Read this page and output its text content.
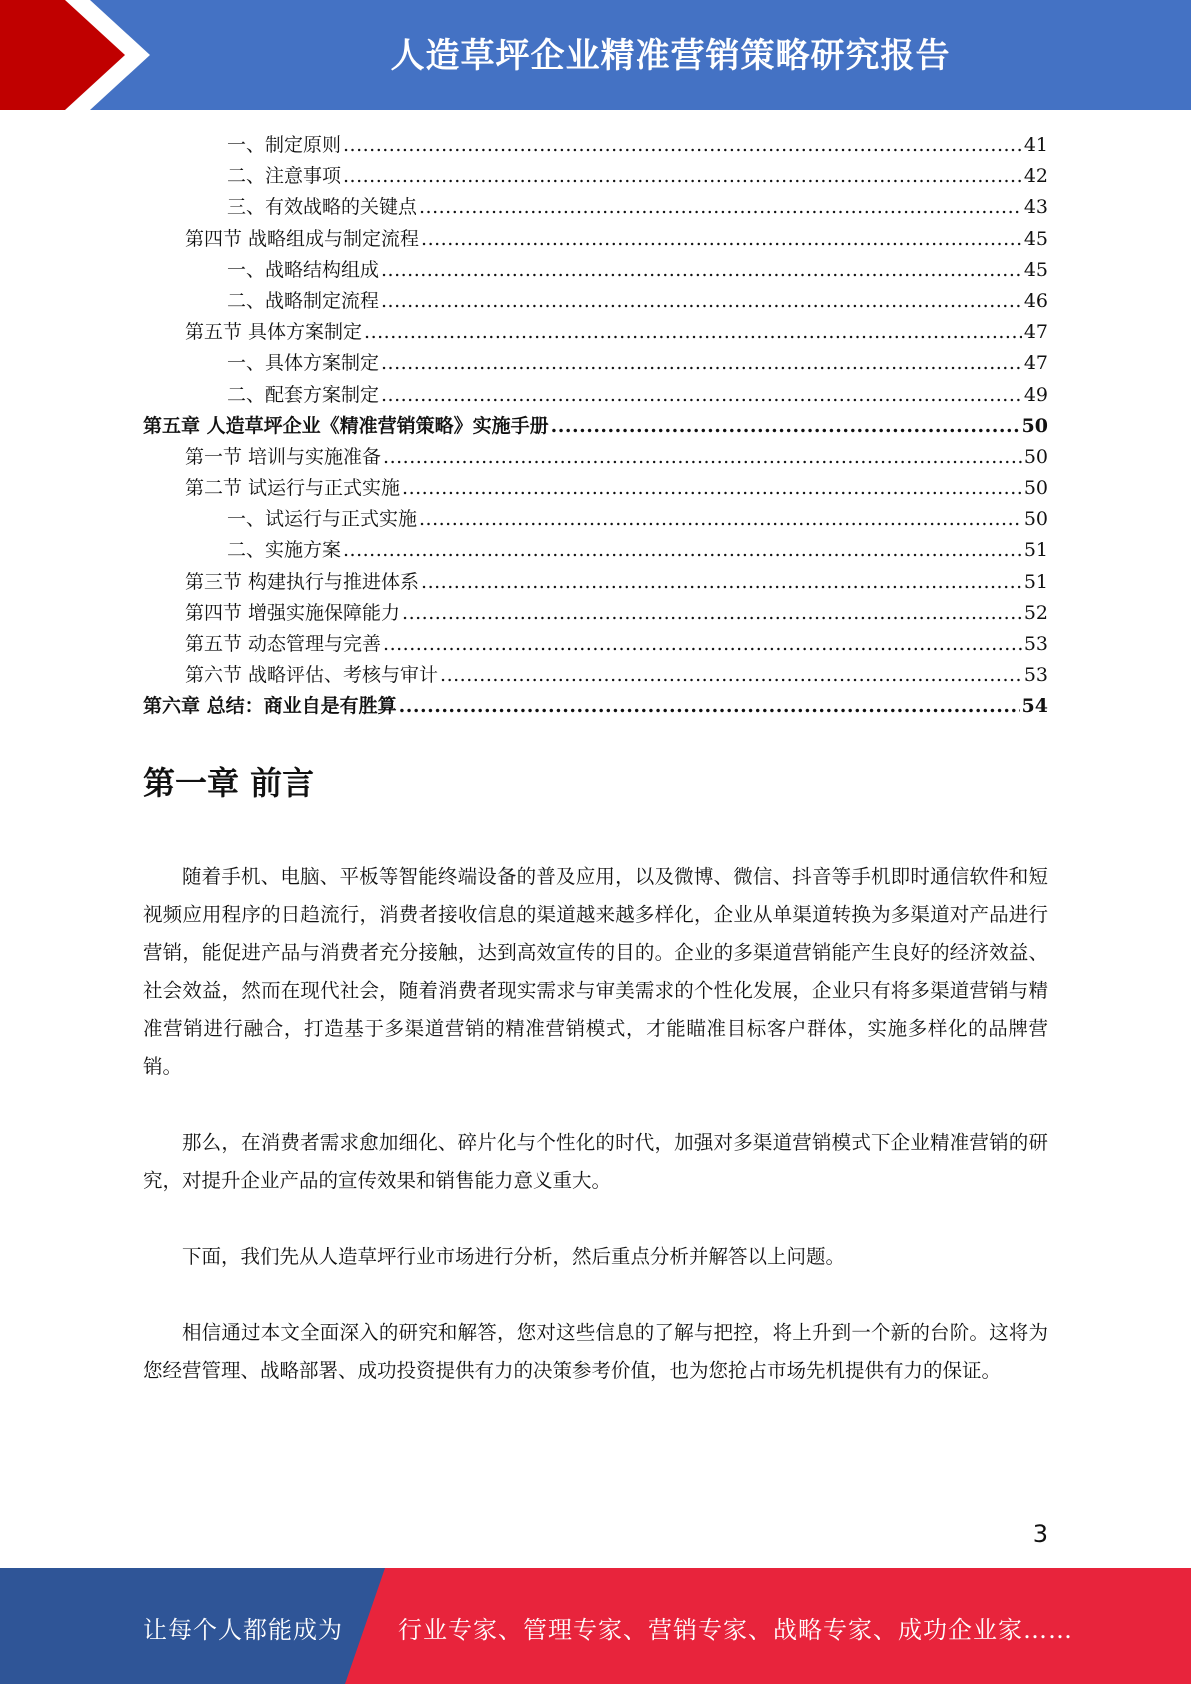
人造草坪企业精准营销策略研究报告
一、制定原则 .....	41
二、注意事项 .....	42
三、有效战略的关键点 .....	43
第四节 战略组成与制定流程 .....	45
一、战略结构组成 .....	45
二、战略制定流程 .....	46
第五节 具体方案制定 .....	47
一、具体方案制定 .....	47
二、配套方案制定 .....	49
第五章 人造草坪企业《精准营销策略》实施手册 .....	50
第一节 培训与实施准备 .....	50
第二节 试运行与正式实施 .....	50
一、试运行与正式实施 .....	50
二、实施方案 .....	51
第三节 构建执行与推进体系 .....	51
第四节 增强实施保障能力 .....	52
第五节 动态管理与完善 .....	53
第六节 战略评估、考核与审计 .....	53
第六章 总结：商业自是有胜算 .....	54
第一章 前言

随着手机、电脑、平板等智能终端设备的普及应用，以及微博、微信、抖音等手机即时通信软件和短视频应用程序的日趋流行，消费者接收信息的渠道越来越多样化，企业从单渠道转换为多渠道对产品进行营销，能促进产品与消费者充分接触，达到高效宣传的目的。企业的多渠道营销能产生良好的经济效益、社会效益，然而在现代社会，随着消费者现实需求与审美需求的个性化发展，企业只有将多渠道营销与精准营销进行融合，打造基于多渠道营销的精准营销模式，才能瞄准目标客户群体，实施多样化的品牌营销。

那么，在消费者需求愈加细化、碎片化与个性化的时代，加强对多渠道营销模式下企业精准营销的研究，对提升企业产品的宣传效果和销售能力意义重大。

下面，我们先从人造草坪行业市场进行分析，然后重点分析并解答以上问题。

相信通过本文全面深入的研究和解答，您对这些信息的了解与把控，将上升到一个新的台阶。这将为您经营管理、战略部署、成功投资提供有力的决策参考价值，也为您抢占市场先机提供有力的保证。

3
让每个人都能成为 行业专家、管理专家、营销专家、战略专家、成功企业家……
